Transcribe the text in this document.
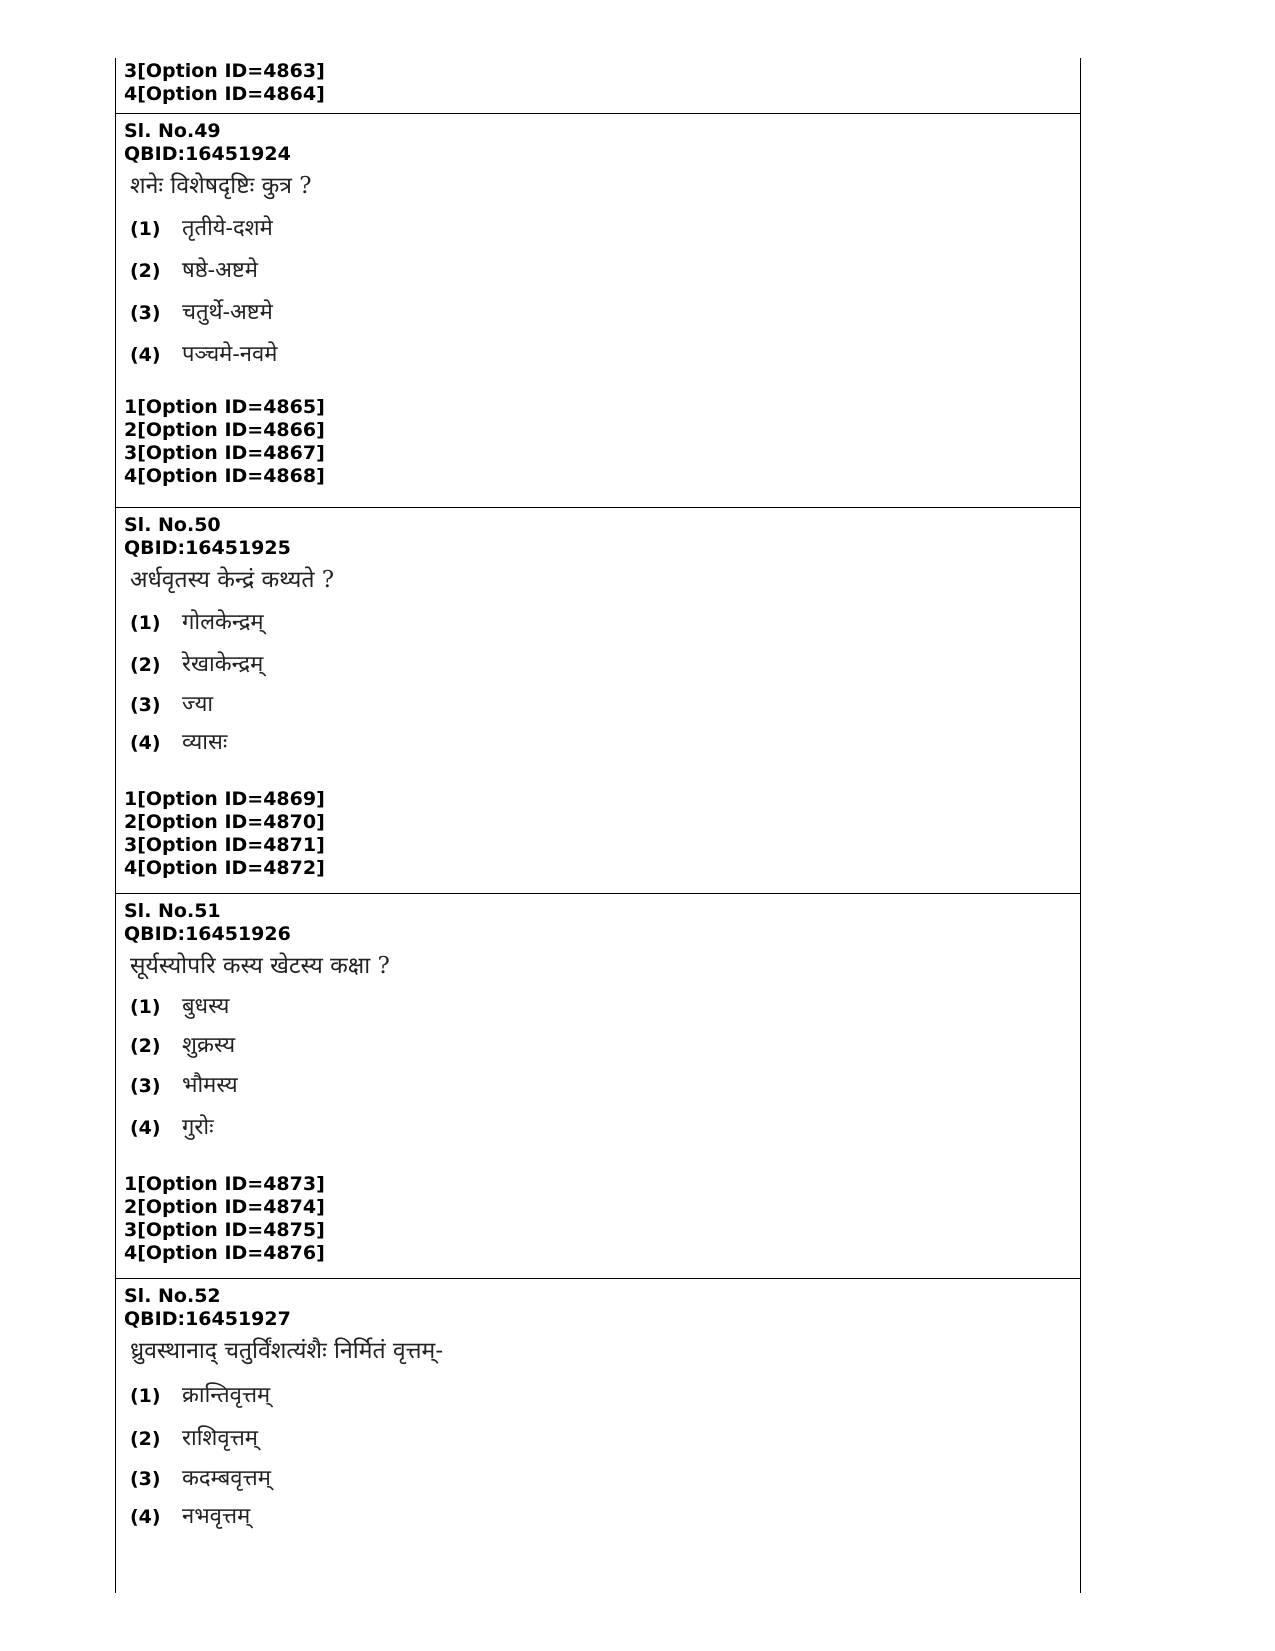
3[Option ID=4863]
4[Option ID=4864]
Sl. No.49
QBID:16451924
शनेः विशेषदृष्टिः कुत्र ?
(1) तृतीये-दशमे
(2) षष्ठे-अष्टमे
(3) चतुर्थे-अष्टमे
(4) पञ्चमे-नवमे
1[Option ID=4865]
2[Option ID=4866]
3[Option ID=4867]
4[Option ID=4868]
Sl. No.50
QBID:16451925
अर्धवृतस्य केन्द्रं कथ्यते ?
(1) गोलकेन्द्रम्
(2) रेखाकेन्द्रम्
(3) ज्या
(4) व्यासः
1[Option ID=4869]
2[Option ID=4870]
3[Option ID=4871]
4[Option ID=4872]
Sl. No.51
QBID:16451926
सूर्यस्योपरि कस्य खेटस्य कक्षा ?
(1) बुधस्य
(2) शुक्रस्य
(3) भौमस्य
(4) गुरोः
1[Option ID=4873]
2[Option ID=4874]
3[Option ID=4875]
4[Option ID=4876]
Sl. No.52
QBID:16451927
ध्रुवस्थानाद् चतुर्विंशत्यंशैः निर्मितं वृत्तम्-
(1) क्रान्तिवृत्तम्
(2) राशिवृत्तम्
(3) कदम्बवृत्तम्
(4) नभवृत्तम्
